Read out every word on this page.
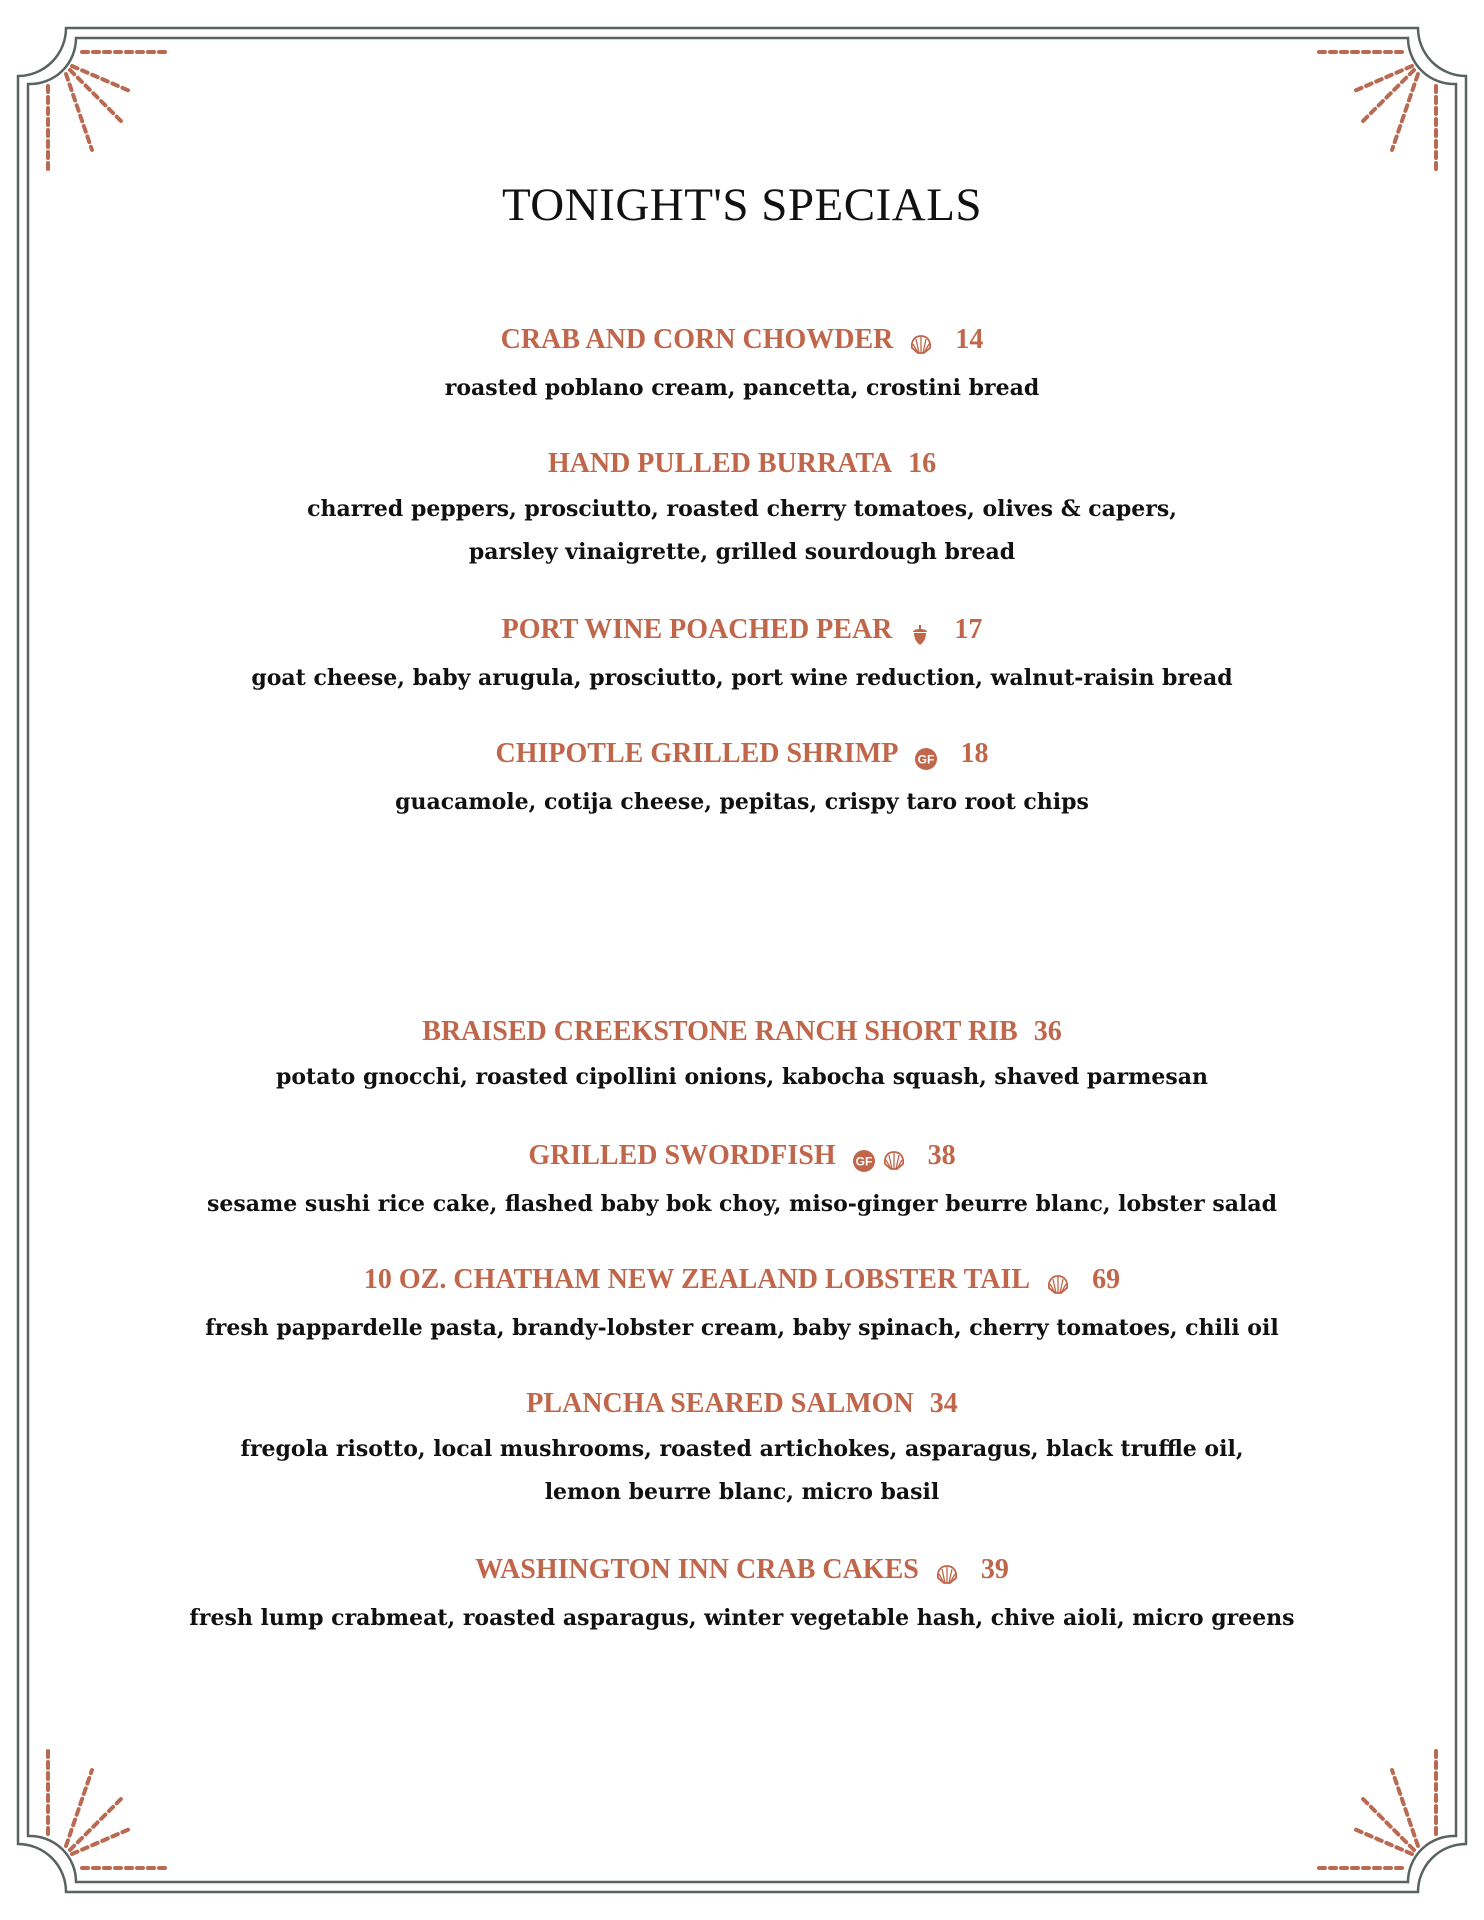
TONIGHT'S SPECIALS
CRAB AND CORN CHOWDER 14
roasted poblano cream, pancetta, crostini bread
HAND PULLED BURRATA 16
charred peppers, prosciutto, roasted cherry tomatoes, olives & capers,
parsley vinaigrette, grilled sourdough bread
PORT WINE POACHED PEAR 17
goat cheese, baby arugula, prosciutto, port wine reduction, walnut-raisin bread
CHIPOTLE GRILLED SHRIMP 18
guacamole, cotija cheese, pepitas, crispy taro root chips
BRAISED CREEKSTONE RANCH SHORT RIB 36
potato gnocchi, roasted cipollini onions, kabocha squash, shaved parmesan
GRILLED SWORDFISH	38
sesame sushi rice cake, flashed baby bok choy, miso-ginger beurre blanc, lobster salad
10 OZ. CHATHAM NEW ZEALAND LOBSTER TAIL 69
fresh pappardelle pasta, brandy-lobster cream, baby spinach, cherry tomatoes, chili oil
PLANCHA SEARED SALMON 34
fregola risotto, local mushrooms, roasted artichokes, asparagus, black truffle oil,
lemon beurre blanc, micro basil
WASHINGTON INN CRAB CAKES 39
fresh lump crabmeat, roasted asparagus, winter vegetable hash, chive aioli, micro greens
